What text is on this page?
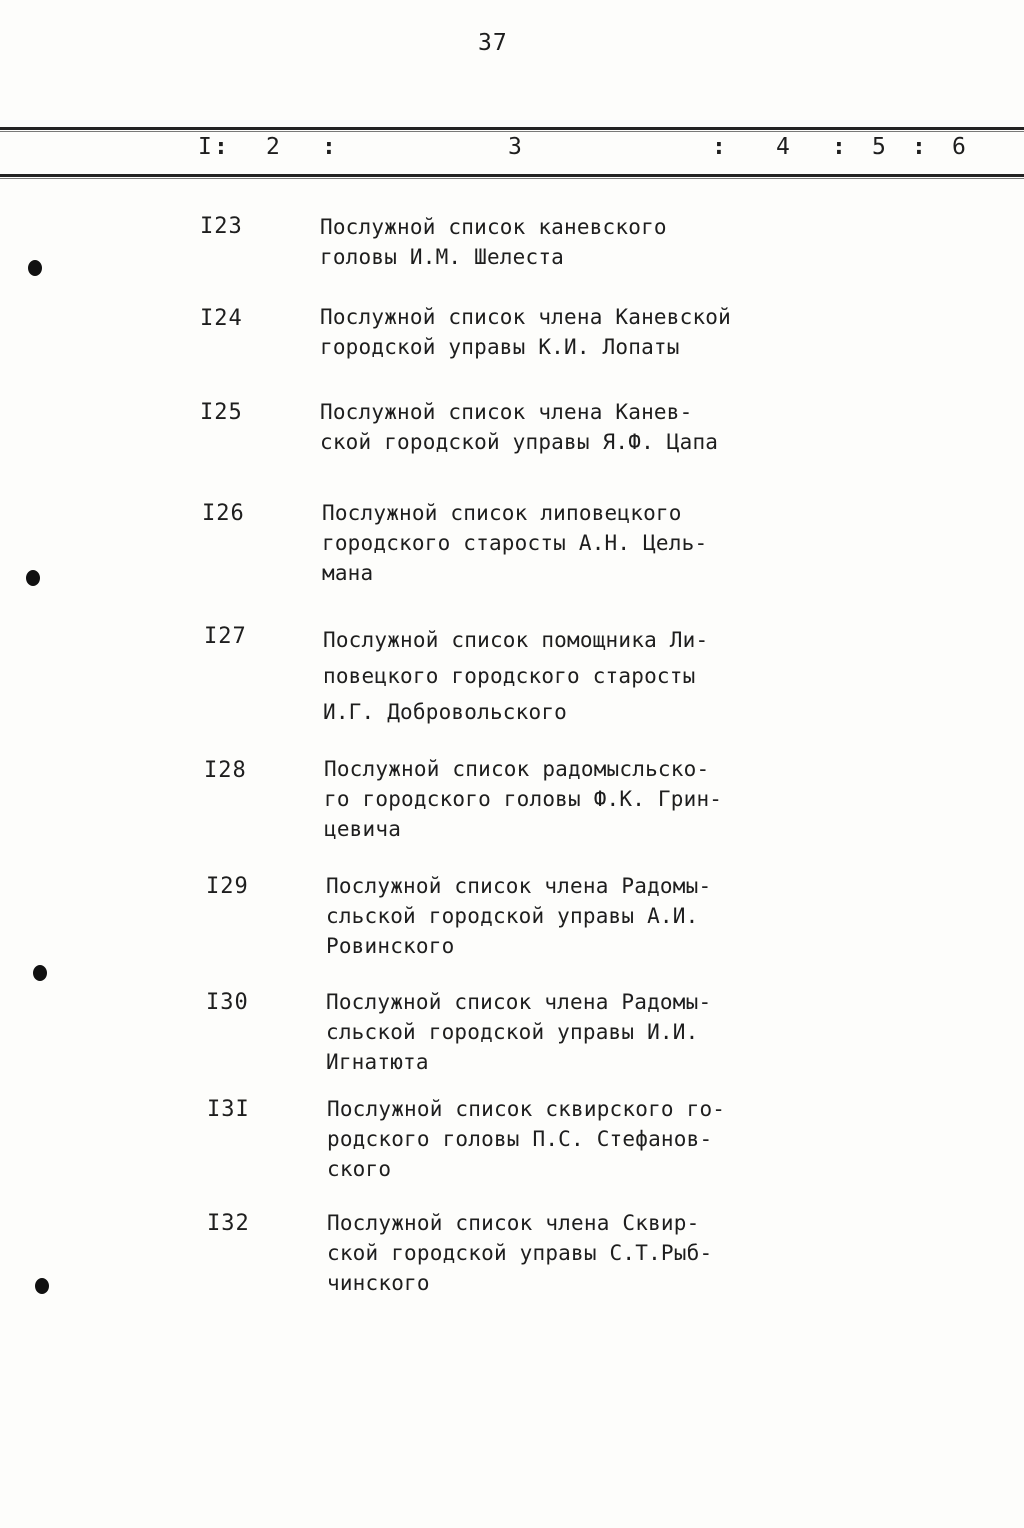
37
I : 2 :	3	: 4 : 5 : 6
I23	Послужной список каневского
головы И.М. Шелеста
I24	Послужной список члена Каневской
городской управы К.И. Лопаты
I25	Послужной список члена Канев-
ской городской управы Я.Ф. Цапа
I26	Послужной список липовецкого
городского старосты А.Н. Цель-
мана
I27	Послужной список помощника Ли-
повецкого городского старосты
И.Г. Добровольского
I28	Послужной список радомысльско-
го городского головы Ф.К. Грин-
цевича
I29	Послужной список члена Радомы-
сльской городской управы А.И.
Ровинского
I30	Послужной список члена Радомы-
сльской городской управы И.И.
Игнатюта
I3I	Послужной список сквирского го-
родского головы П.С. Стефанов-
ского
I32	Послужной список члена Сквир-
ской городской управы С.Т.Рыб-
чинского
